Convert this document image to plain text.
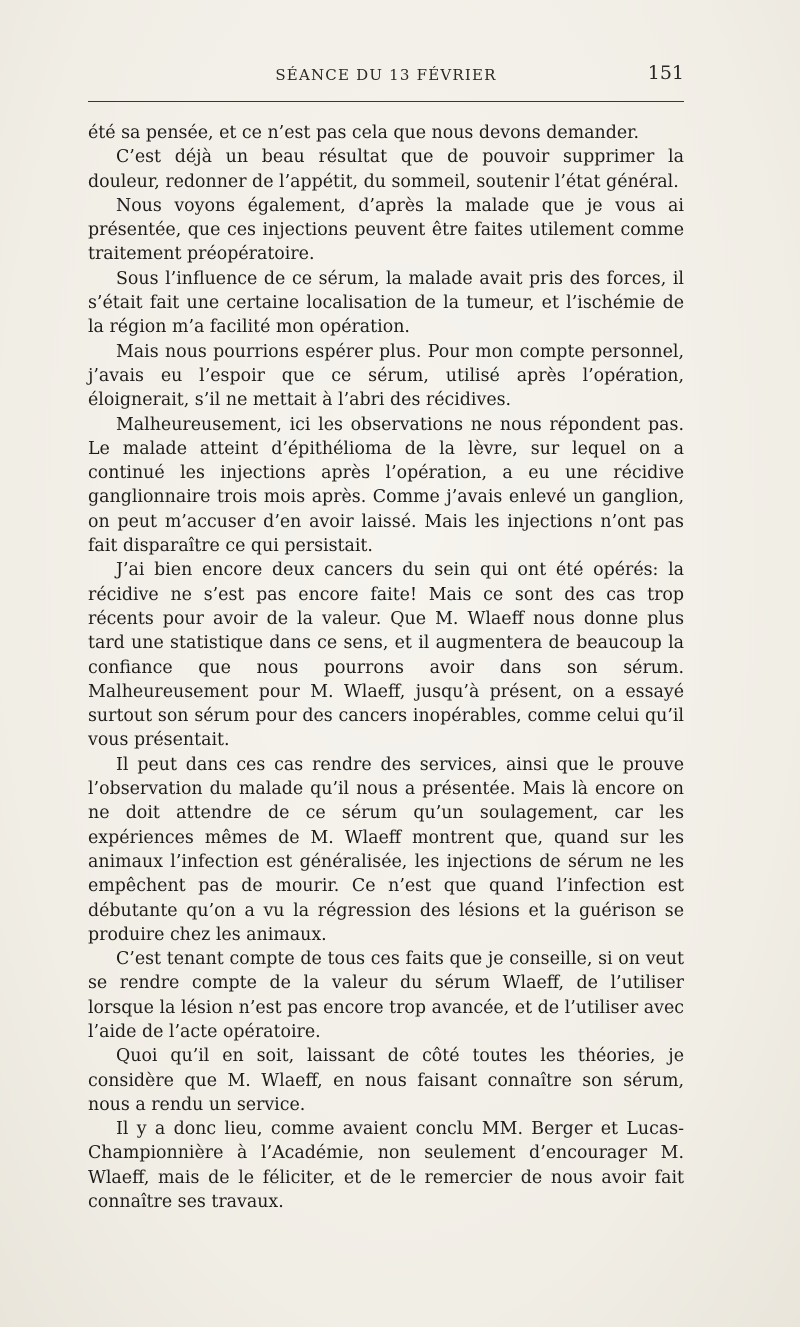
SÉANCE DU 13 FÉVRIER	151

été sa pensée, et ce n’est pas cela que nous devons demander.

C’est déjà un beau résultat que de pouvoir supprimer la douleur, redonner de l’appétit, du sommeil, soutenir l’état général.

Nous voyons également, d’après la malade que je vous ai présentée, que ces injections peuvent être faites utilement comme traitement préopératoire.

Sous l’influence de ce sérum, la malade avait pris des forces, il s’était fait une certaine localisation de la tumeur, et l’ischémie de la région m’a facilité mon opération.

Mais nous pourrions espérer plus. Pour mon compte personnel, j’avais eu l’espoir que ce sérum, utilisé après l’opération, éloignerait, s’il ne mettait à l’abri des récidives.

Malheureusement, ici les observations ne nous répondent pas. Le malade atteint d’épithélioma de la lèvre, sur lequel on a continué les injections après l’opération, a eu une récidive ganglionnaire trois mois après. Comme j’avais enlevé un ganglion, on peut m’accuser d’en avoir laissé. Mais les injections n’ont pas fait disparaître ce qui persistait.

J’ai bien encore deux cancers du sein qui ont été opérés: la récidive ne s’est pas encore faite! Mais ce sont des cas trop récents pour avoir de la valeur. Que M. Wlaeff nous donne plus tard une statistique dans ce sens, et il augmentera de beaucoup la confiance que nous pourrons avoir dans son sérum. Malheureusement pour M. Wlaeff, jusqu’à présent, on a essayé surtout son sérum pour des cancers inopérables, comme celui qu’il vous présentait.

Il peut dans ces cas rendre des services, ainsi que le prouve l’observation du malade qu’il nous a présentée. Mais là encore on ne doit attendre de ce sérum qu’un soulagement, car les expériences mêmes de M. Wlaeff montrent que, quand sur les animaux l’infection est généralisée, les injections de sérum ne les empêchent pas de mourir. Ce n’est que quand l’infection est débutante qu’on a vu la régression des lésions et la guérison se produire chez les animaux.

C’est tenant compte de tous ces faits que je conseille, si on veut se rendre compte de la valeur du sérum Wlaeff, de l’utiliser lorsque la lésion n’est pas encore trop avancée, et de l’utiliser avec l’aide de l’acte opératoire.

Quoi qu’il en soit, laissant de côté toutes les théories, je considère que M. Wlaeff, en nous faisant connaître son sérum, nous a rendu un service.

Il y a donc lieu, comme avaient conclu MM. Berger et Lucas-Championnière à l’Académie, non seulement d’encourager M. Wlaeff, mais de le féliciter, et de le remercier de nous avoir fait connaître ses travaux.
